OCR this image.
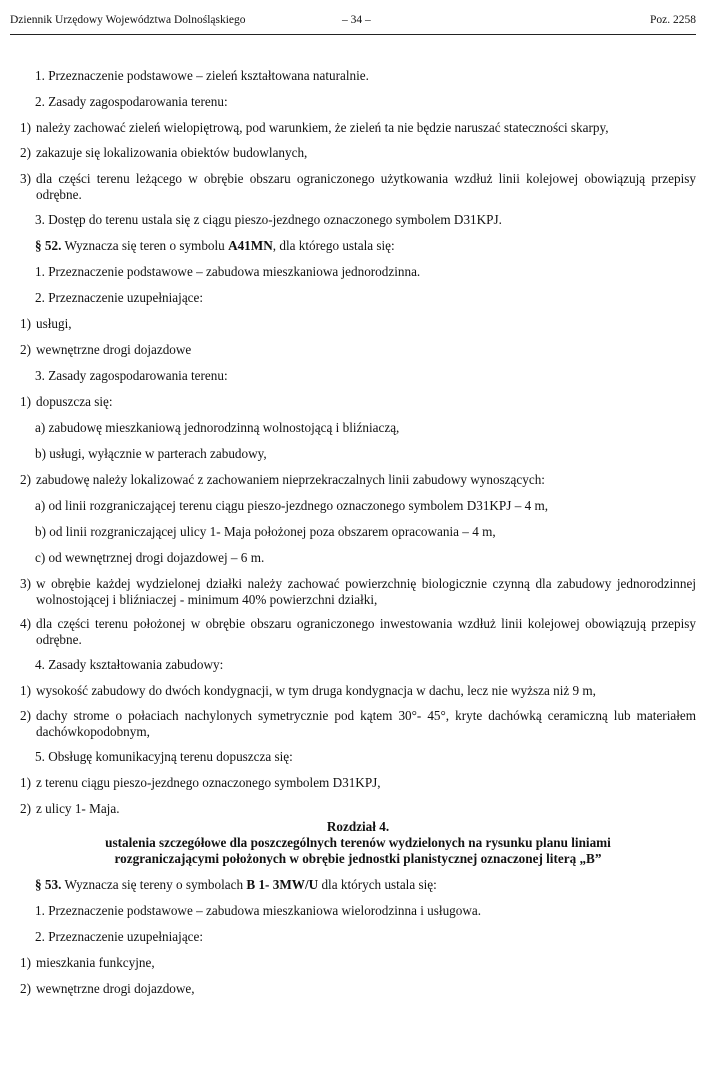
Dziennik Urzędowy Województwa Dolnośląskiego	– 34 –	Poz. 2258

1. Przeznaczenie podstawowe – zieleń kształtowana naturalnie.

2. Zasady zagospodarowania terenu:

1) należy zachować zieleń wielopiętrową, pod warunkiem, że zieleń ta nie będzie naruszać stateczności skarpy,
2) zakazuje się lokalizowania obiektów budowlanych,
3) dla części terenu leżącego w obrębie obszaru ograniczonego użytkowania wzdłuż linii kolejowej obowiązują przepisy odrębne.

3. Dostęp do terenu ustala się z ciągu pieszo-jezdnego oznaczonego symbolem D31KPJ.

§ 52. Wyznacza się teren o symbolu A41MN, dla którego ustala się:

1. Przeznaczenie podstawowe – zabudowa mieszkaniowa jednorodzinna.

2. Przeznaczenie uzupełniające:

1) usługi,
2) wewnętrzne drogi dojazdowe

3. Zasady zagospodarowania terenu:

1) dopuszcza się:

a) zabudowę mieszkaniową jednorodzinną wolnostojącą i bliźniaczą,

b) usługi, wyłącznie w parterach zabudowy,

2) zabudowę należy lokalizować z zachowaniem nieprzekraczalnych linii zabudowy wynoszących:

a) od linii rozgraniczającej terenu ciągu pieszo-jezdnego oznaczonego symbolem D31KPJ – 4 m,

b) od linii rozgraniczającej ulicy 1- Maja położonej poza obszarem opracowania – 4 m,

c) od wewnętrznej drogi dojazdowej – 6 m.

3) w obrębie każdej wydzielonej działki należy zachować powierzchnię biologicznie czynną dla zabudowy jednorodzinnej wolnostojącej i bliźniaczej - minimum 40% powierzchni działki,
4) dla części terenu położonej w obrębie obszaru ograniczonego inwestowania wzdłuż linii kolejowej obowiązują przepisy odrębne.

4. Zasady kształtowania zabudowy:

1) wysokość zabudowy do dwóch kondygnacji, w tym druga kondygnacja w dachu, lecz nie wyższa niż 9 m,
2) dachy strome o połaciach nachylonych symetrycznie pod kątem 30°- 45°, kryte dachówką ceramiczną lub materiałem dachówkopodobnym,

5. Obsługę komunikacyjną terenu dopuszcza się:

1) z terenu ciągu pieszo-jezdnego oznaczonego symbolem D31KPJ,
2) z ulicy 1- Maja.

Rozdział 4.

ustalenia szczegółowe dla poszczególnych terenów wydzielonych na rysunku planu liniami

rozgraniczającymi położonych w obrębie jednostki planistycznej oznaczonej literą „B”

§ 53. Wyznacza się tereny o symbolach B 1- 3MW/U dla których ustala się:

1. Przeznaczenie podstawowe – zabudowa mieszkaniowa wielorodzinna i usługowa.

2. Przeznaczenie uzupełniające:

1) mieszkania funkcyjne,
2) wewnętrzne drogi dojazdowe,
